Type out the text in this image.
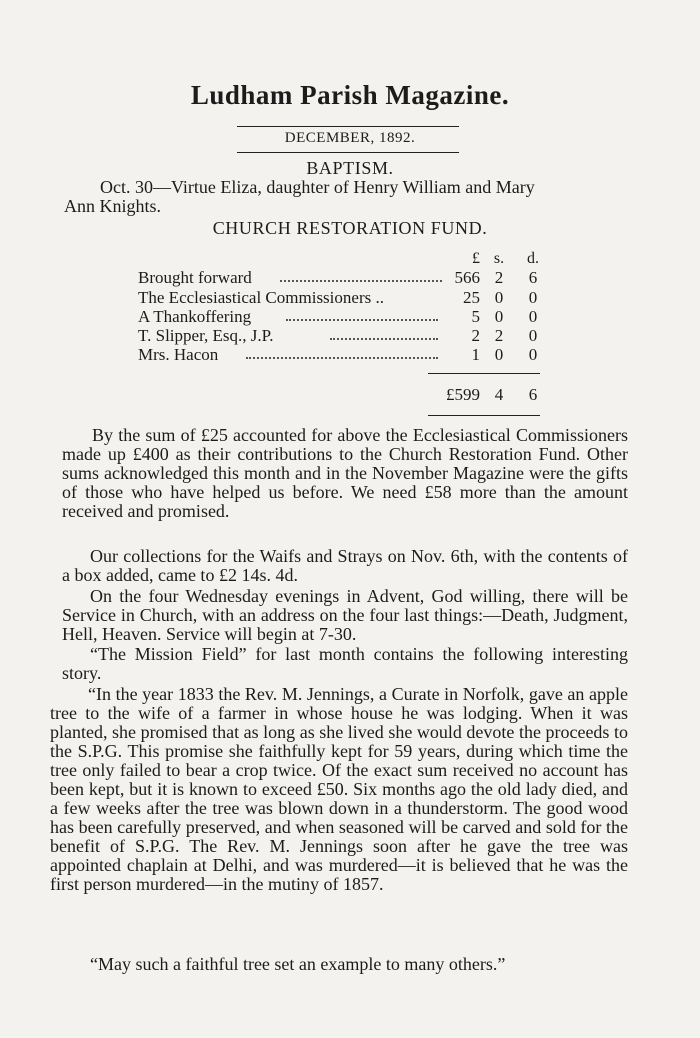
Ludham Parish Magazine.
DECEMBER, 1892.
BAPTISM.
Oct. 30—Virtue Eliza, daughter of Henry William and Mary
Ann Knights.
CHURCH RESTORATION FUND.
£ s.	d.
Brought forward	566 2	6
The Ecclesiastical Commissioners ..	25 0	0
A Thankoffering	5 0	0
T. Slipper, Esq., J.P.	2 2	0
Mrs. Hacon	1 0	0
£599 4	6
By the sum of £25 accounted for above the Ecclesiastical Commissioners made up £400 as their contributions to the Church Restoration Fund. Other sums acknowledged this month and in the November Magazine were the gifts of those who have helped us before. We need £58 more than the amount received and promised.
Our collections for the Waifs and Strays on Nov. 6th, with the contents of a box added, came to £2 14s. 4d.
On the four Wednesday evenings in Advent, God willing, there will be Service in Church, with an address on the four last things:—Death, Judgment, Hell, Heaven. Service will begin at 7-30.
“The Mission Field” for last month contains the following interesting story.
“In the year 1833 the Rev. M. Jennings, a Curate in Norfolk, gave an apple tree to the wife of a farmer in whose house he was lodging. When it was planted, she promised that as long as she lived she would devote the proceeds to the S.P.G. This promise she faithfully kept for 59 years, during which time the tree only failed to bear a crop twice. Of the exact sum received no account has been kept, but it is known to exceed £50. Six months ago the old lady died, and a few weeks after the tree was blown down in a thunderstorm. The good wood has been carefully preserved, and when seasoned will be carved and sold for the benefit of S.P.G. The Rev. M. Jennings soon after he gave the tree was appointed chaplain at Delhi, and was murdered—it is believed that he was the first person murdered—in the mutiny of 1857.
“May such a faithful tree set an example to many others.”
